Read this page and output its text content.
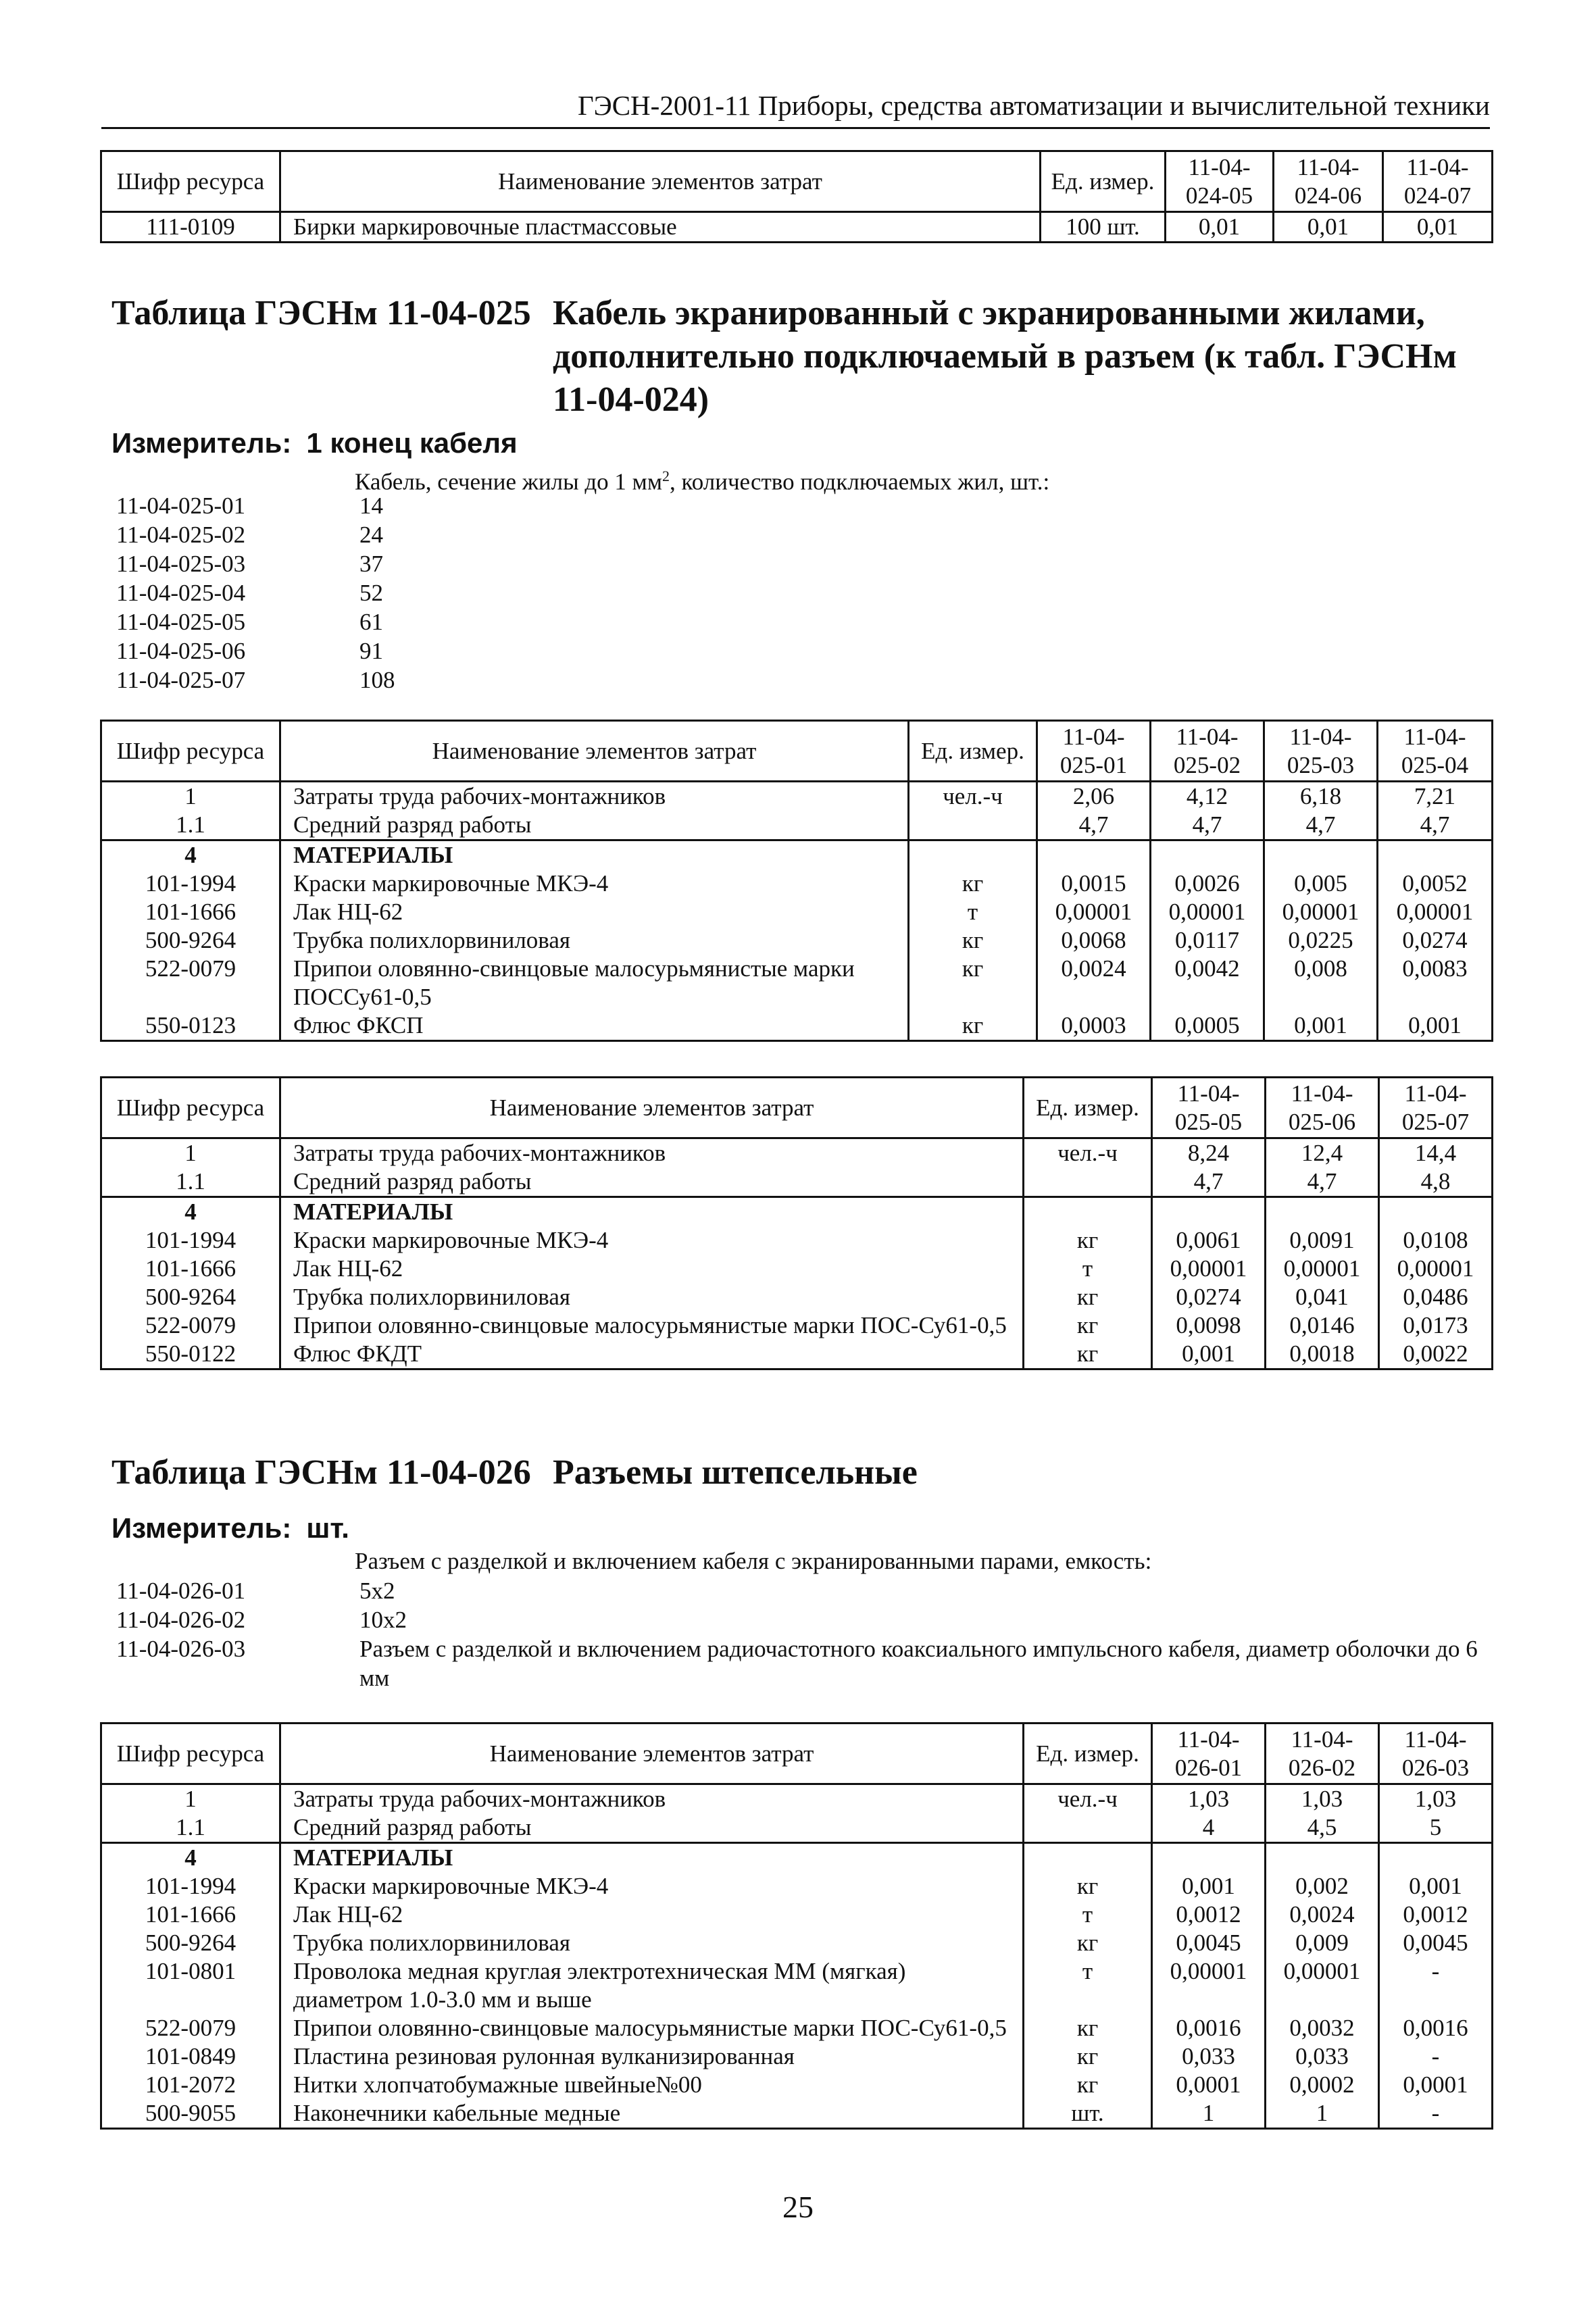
ГЭСН-2001-11 Приборы, средства автоматизации и вычислительной техники
Шифр ресурса	Наименование элементов затрат	Ед. измер.	11-04-024-05	11-04-024-06	11-04-024-07
111-0109	Бирки маркировочные пластмассовые	100 шт.	0,01	0,01	0,01
Таблица ГЭСНм 11-04-025 Кабель экранированный с экранированными жилами, дополнительно подключаемый в разъем (к табл. ГЭСНм 11-04-024)
Измеритель: 1 конец кабеля
Кабель, сечение жилы до 1 $мм^2$, количество подключаемых жил, шт.:
11-04-025-01	14
11-04-025-02	24
11-04-025-03	37
11-04-025-04	52
11-04-025-05	61
11-04-025-06	91
11-04-025-07	108
Шифр ресурса	Наименование элементов затрат	Ед. измер.	11-04-025-01	11-04-025-02	11-04-025-03	11-04-025-04
1	Затраты труда рабочих-монтажников	чел.-ч	2,06	4,12	6,18	7,21
1.1	Средний разряд работы		4,7	4,7	4,7	4,7
4	МАТЕРИАЛЫ					
101-1994	Краски маркировочные МКЭ-4	кг	0,0015	0,0026	0,005	0,0052
101-1666	Лак НЦ-62	т	0,00001	0,00001	0,00001	0,00001
500-9264	Трубка полихлорвиниловая	кг	0,0068	0,0117	0,0225	0,0274
522-0079	Припои оловянно-свинцовые малосурьмянистые марки ПОССу61-0,5	кг	0,0024	0,0042	0,008	0,0083
550-0123	Флюс ФКСП	кг	0,0003	0,0005	0,001	0,001
Шифр ресурса	Наименование элементов затрат	Ед. измер.	11-04-025-05	11-04-025-06	11-04-025-07
1	Затраты труда рабочих-монтажников	чел.-ч	8,24	12,4	14,4
1.1	Средний разряд работы		4,7	4,7	4,8
4	МАТЕРИАЛЫ				
101-1994	Краски маркировочные МКЭ-4	кг	0,0061	0,0091	0,0108
101-1666	Лак НЦ-62	т	0,00001	0,00001	0,00001
500-9264	Трубка полихлорвиниловая	кг	0,0274	0,041	0,0486
522-0079	Припои оловянно-свинцовые малосурьмянистые марки ПОС-Су61-0,5	кг	0,0098	0,0146	0,0173
550-0122	Флюс ФКДТ	кг	0,001	0,0018	0,0022
Таблица ГЭСНм 11-04-026 Разъемы штепсельные
Измеритель: шт.
Разъем с разделкой и включением кабеля с экранированными парами, емкость:
11-04-026-01	5x2
11-04-026-02	10x2
11-04-026-03	Разъем с разделкой и включением радиочастотного коаксиального импульсного кабеля, диаметр оболочки до 6 мм
Шифр ресурса	Наименование элементов затрат	Ед. измер.	11-04-026-01	11-04-026-02	11-04-026-03
1	Затраты труда рабочих-монтажников	чел.-ч	1,03	1,03	1,03
1.1	Средний разряд работы		4	4,5	5
4	МАТЕРИАЛЫ				
101-1994	Краски маркировочные МКЭ-4	кг	0,001	0,002	0,001
101-1666	Лак НЦ-62	т	0,0012	0,0024	0,0012
500-9264	Трубка полихлорвиниловая	кг	0,0045	0,009	0,0045
101-0801	Проволока медная круглая электротехническая ММ (мягкая) диаметром 1.0-3.0 мм и выше	т	0,00001	0,00001	-
522-0079	Припои оловянно-свинцовые малосурьмянистые марки ПОС-Су61-0,5	кг	0,0016	0,0032	0,0016
101-0849	Пластина резиновая рулонная вулканизированная	кг	0,033	0,033	-
101-2072	Нитки хлопчатобумажные швейные№00	кг	0,0001	0,0002	0,0001
500-9055	Наконечники кабельные медные	шт.	1	1	-
25
